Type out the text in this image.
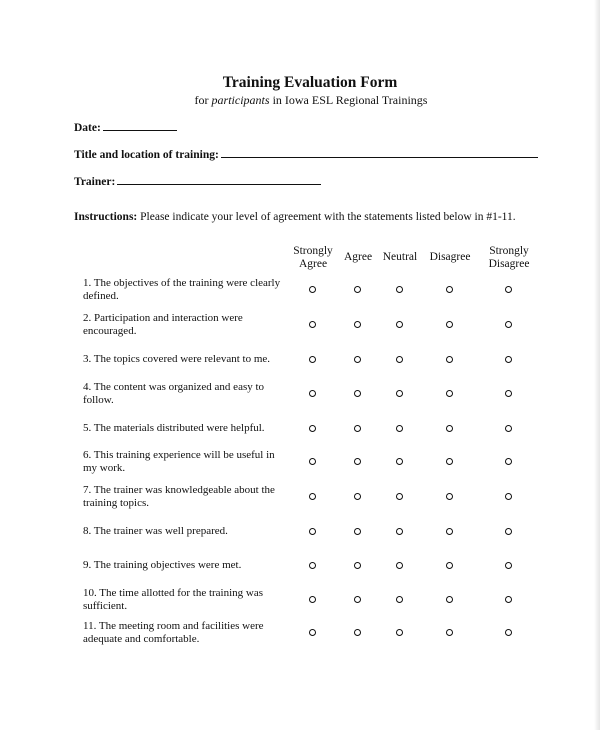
Training Evaluation Form
for participants in Iowa ESL Regional Trainings
Date:
Title and location of training:
Trainer:
Instructions: Please indicate your level of agreement with the statements listed below in #1-11.
Strongly Agree
Agree Neutral	Disagree
Strongly Disagree
1. The objectives of the training were clearly defined.
2. Participation and interaction were encouraged.
3. The topics covered were relevant to me.
4. The content was organized and easy to follow.
5. The materials distributed were helpful.
6. This training experience will be useful in my work.
7. The trainer was knowledgeable about the training topics.
8. The trainer was well prepared.
9. The training objectives were met.
10. The time allotted for the training was sufficient.
11. The meeting room and facilities were adequate and comfortable.
